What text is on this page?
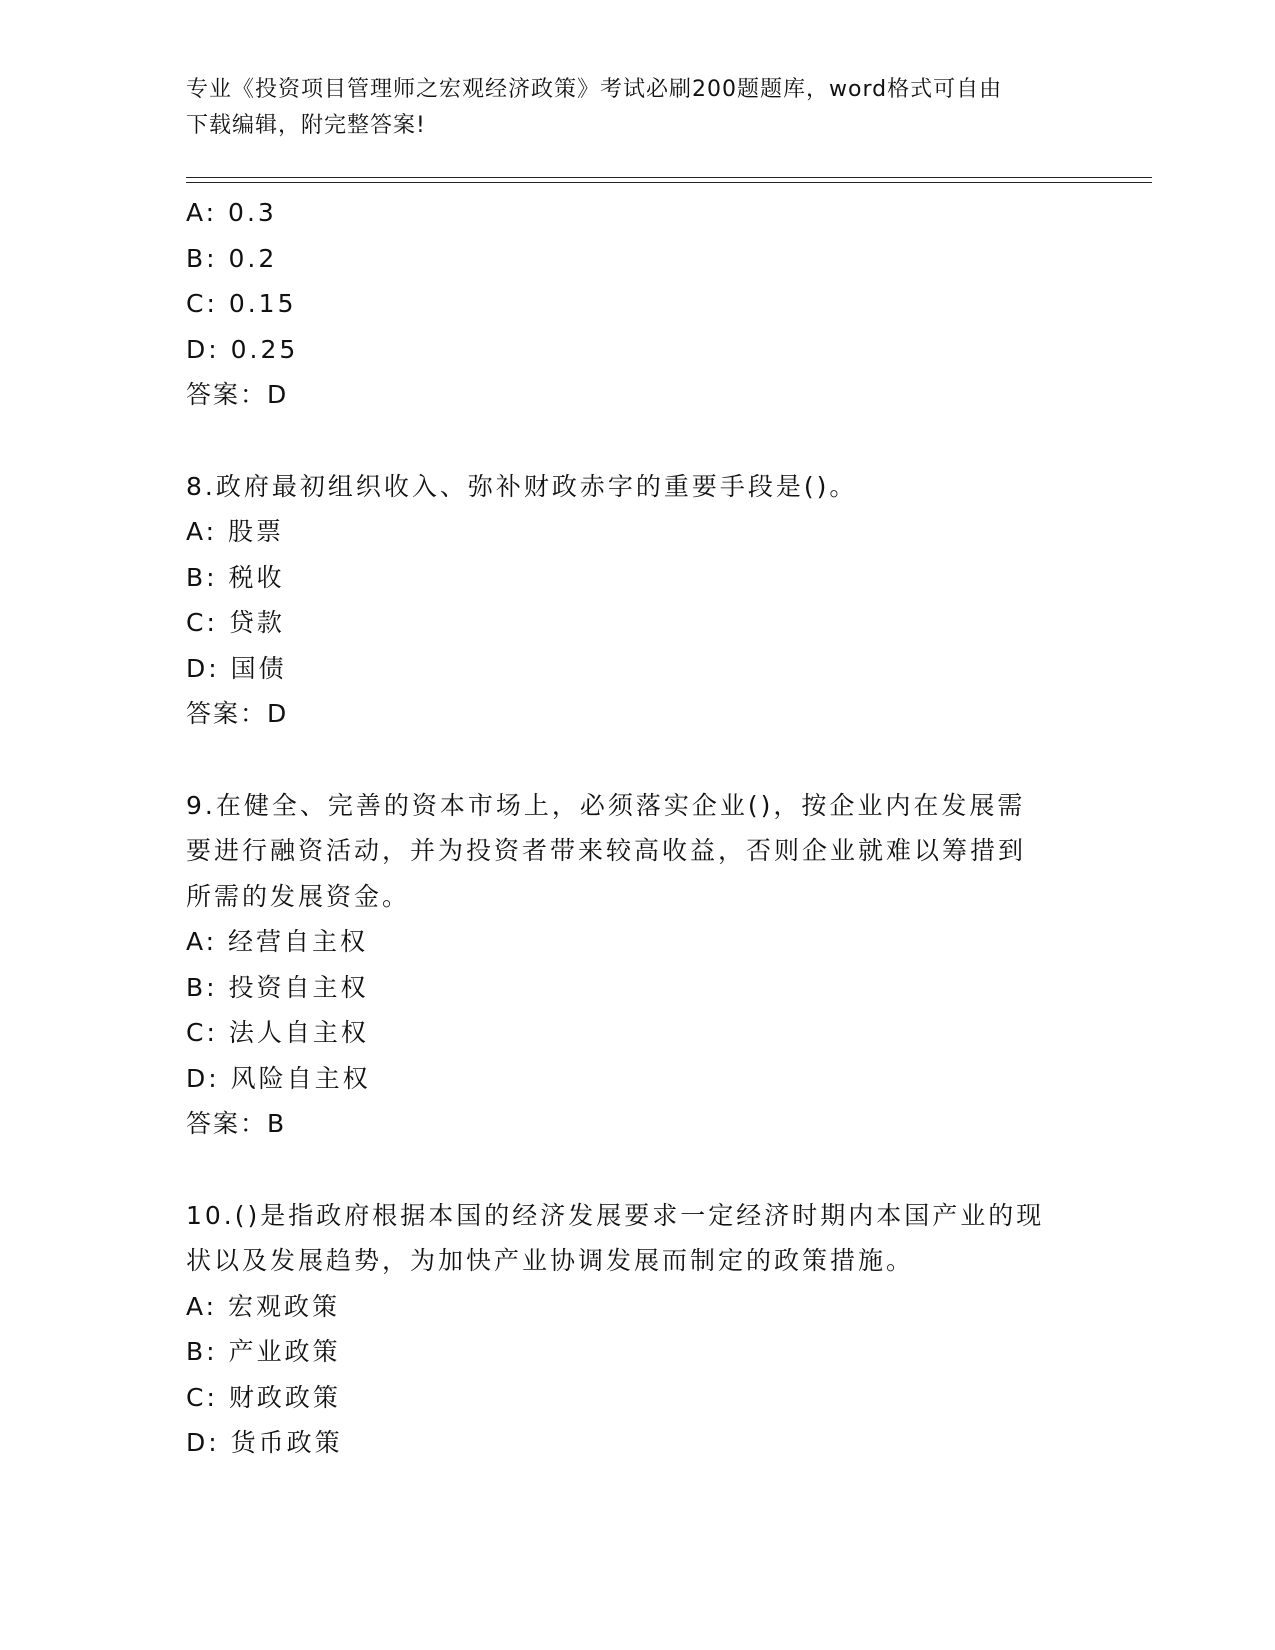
专业《投资项目管理师之宏观经济政策》考试必刷200题题库，word格式可自由
下载编辑，附完整答案!
A: 0.3
B: 0.2
C: 0.15
D: 0.25
答案：D
8.政府最初组织收入、弥补财政赤字的重要手段是()。
A: 股票
B: 税收
C: 贷款
D: 国债
答案：D
9.在健全、完善的资本市场上，必须落实企业()，按企业内在发展需
要进行融资活动，并为投资者带来较高收益，否则企业就难以筹措到
所需的发展资金。
A: 经营自主权
B: 投资自主权
C: 法人自主权
D: 风险自主权
答案：B
10.()是指政府根据本国的经济发展要求一定经济时期内本国产业的现
状以及发展趋势，为加快产业协调发展而制定的政策措施。
A: 宏观政策
B: 产业政策
C: 财政政策
D: 货币政策
